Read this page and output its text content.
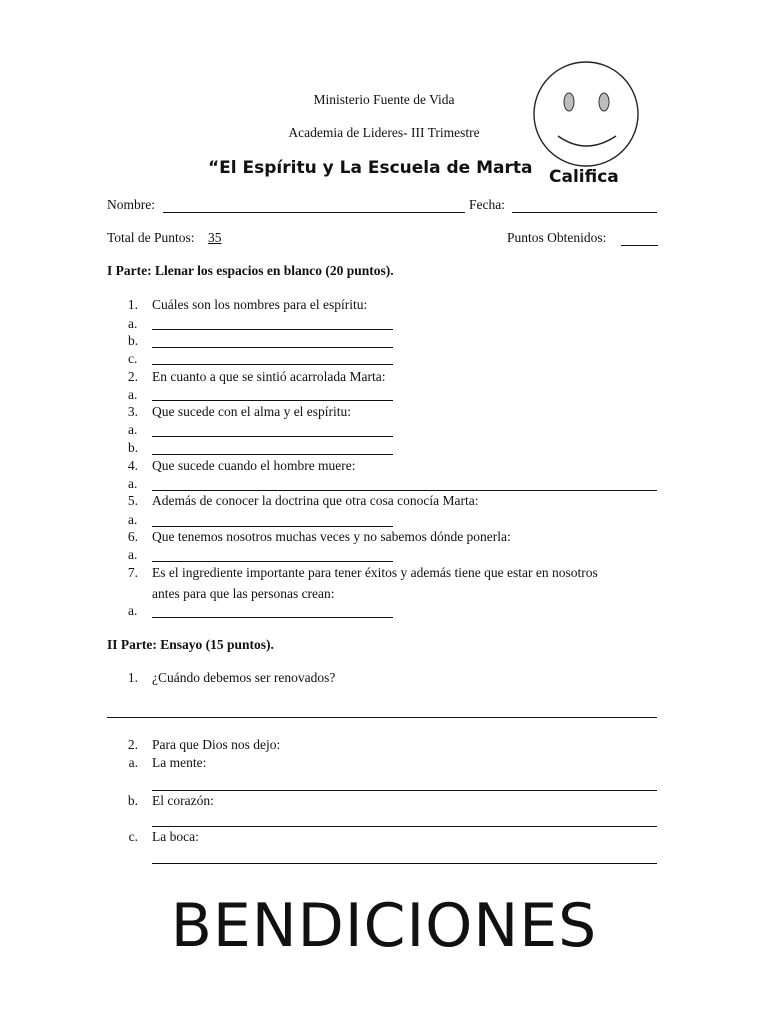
Ministerio Fuente de Vida
Academia de Lideres- III Trimestre
“El Espíritu y La Escuela de Marta Califica
Nombre:	Fecha:
Total de Puntos: 35	Puntos Obtenidos:
I Parte: Llenar los espacios en blanco (20 puntos).
1. Cuáles son los nombres para el espíritu:
a.
b.
c.
2. En cuanto a que se sintió acarrolada Marta:
a.
3. Que sucede con el alma y el espíritu:
a.
b.
4. Que sucede cuando el hombre muere:
a.
5. Además de conocer la doctrina que otra cosa conocía Marta:
a.
6. Que tenemos nosotros muchas veces y no sabemos dónde ponerla:
a.
7. Es el ingrediente importante para tener éxitos y además tiene que estar en nosotros
antes para que las personas crean:
a.
II Parte: Ensayo (15 puntos).
1. ¿Cuándo debemos ser renovados?
2. Para que Dios nos dejo:
a. La mente:
b. El corazón:
c. La boca:
BENDICIONES
